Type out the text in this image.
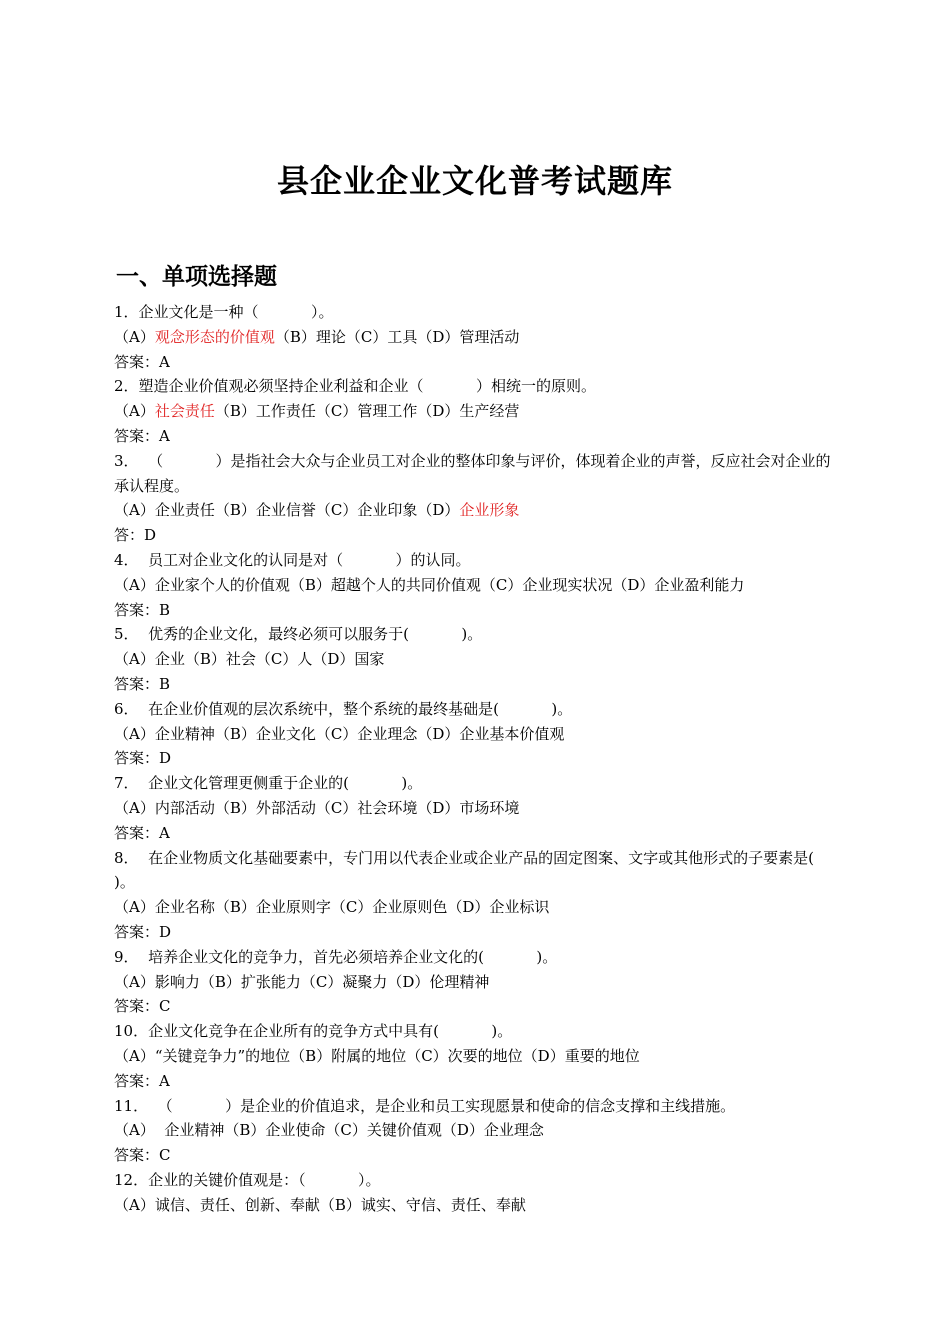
县企业企业文化普考试题库
一、单项选择题
1．企业文化是一种（           ）。
（A）观念形态的价值观（B）理论（C）工具（D）管理活动
答案：A
2．塑造企业价值观必须坚持企业利益和企业（           ）相统一的原则。
（A）社会责任（B）工作责任（C）管理工作（D）生产经营
答案：A
3．  （           ）是指社会大众与企业员工对企业的整体印象与评价，体现着企业的声誉，反应社会对企业的承认程度。
（A）企业责任（B）企业信誉（C）企业印象（D）企业形象
答：D
4．  员工对企业文化的认同是对（           ）的认同。
（A）企业家个人的价值观（B）超越个人的共同价值观（C）企业现实状况（D）企业盈利能力
答案：B
5．  优秀的企业文化，最终必须可以服务于(           )。
（A）企业（B）社会（C）人（D）国家
答案：B
6．  在企业价值观的层次系统中，整个系统的最终基础是(           )。
（A）企业精神（B）企业文化（C）企业理念（D）企业基本价值观
答案：D
7．  企业文化管理更侧重于企业的(           )。
（A）内部活动（B）外部活动（C）社会环境（D）市场环境
答案：A
8．  在企业物质文化基础要素中，专门用以代表企业或企业产品的固定图案、文字或其他形式的子要素是(           )。
（A）企业名称（B）企业原则字（C）企业原则色（D）企业标识
答案：D
9．  培养企业文化的竞争力，首先必须培养企业文化的(           )。
（A）影响力（B）扩张能力（C）凝聚力（D）伦理精神
答案：C
10．企业文化竞争在企业所有的竞争方式中具有(           )。
（A）“关键竞争力”的地位（B）附属的地位（C）次要的地位（D）重要的地位
答案：A
11．  （           ）是企业的价值追求，是企业和员工实现愿景和使命的信念支撑和主线措施。
（A）  企业精神（B）企业使命（C）关键价值观（D）企业理念
答案：C
12．企业的关键价值观是：（           ）。
（A）诚信、责任、创新、奉献（B）诚实、守信、责任、奉献
